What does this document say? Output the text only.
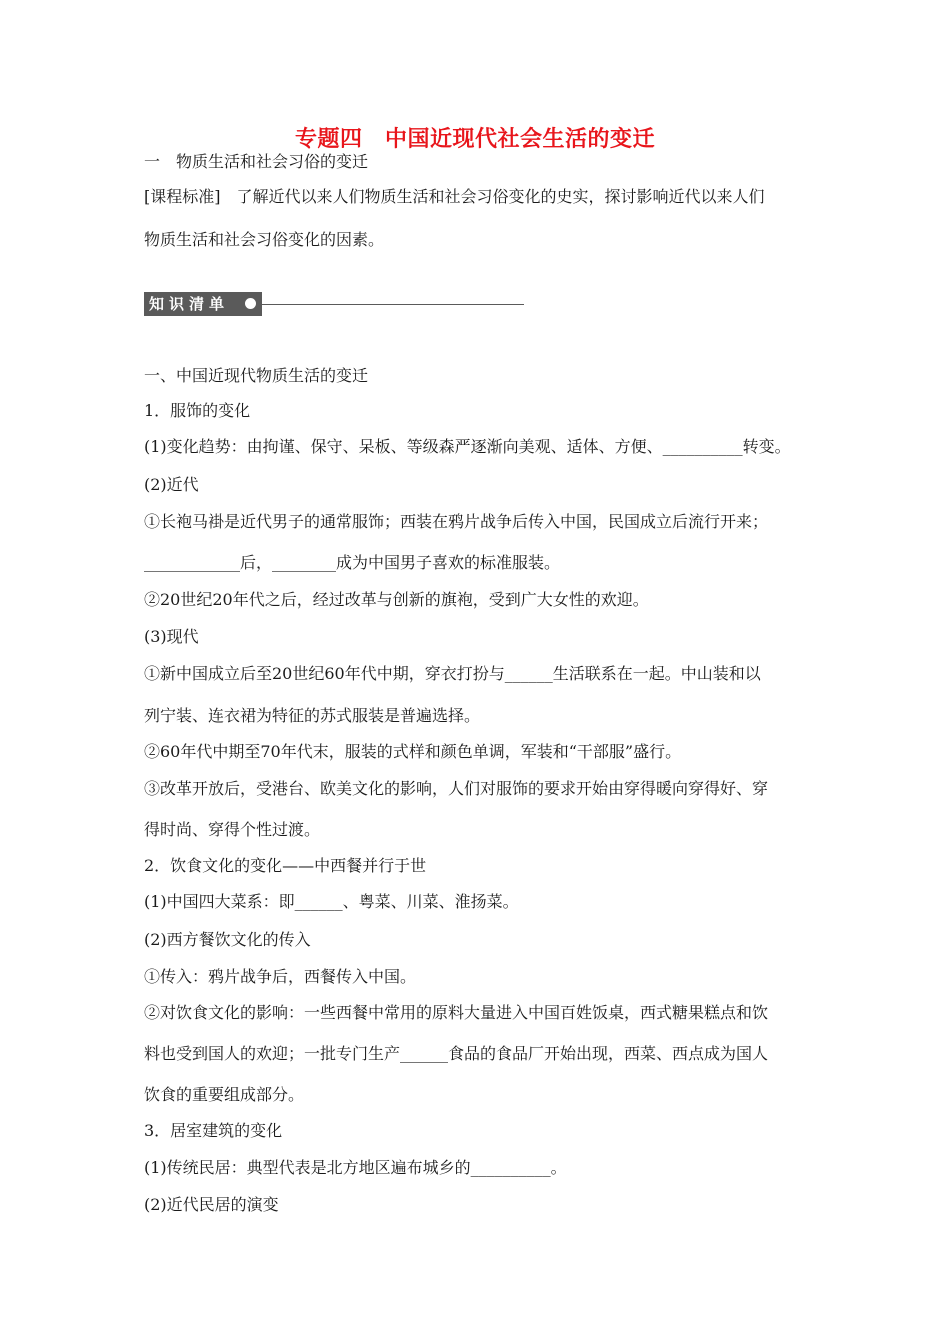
专题四　中国近现代社会生活的变迁
一　物质生活和社会习俗的变迁
[课程标准]　了解近代以来人们物质生活和社会习俗变化的史实，探讨影响近代以来人们
物质生活和社会习俗变化的因素。
知识清单
一、中国近现代物质生活的变迁
1．服饰的变化
(1)变化趋势：由拘谨、保守、呆板、等级森严逐渐向美观、适体、方便、__________转变。
(2)近代
①长袍马褂是近代男子的通常服饰；西装在鸦片战争后传入中国，民国成立后流行开来；
____________后，________成为中国男子喜欢的标准服装。
②20世纪20年代之后，经过改革与创新的旗袍，受到广大女性的欢迎。
(3)现代
①新中国成立后至20世纪60年代中期，穿衣打扮与______生活联系在一起。中山装和以
列宁装、连衣裙为特征的苏式服装是普遍选择。
②60年代中期至70年代末，服装的式样和颜色单调，军装和“干部服”盛行。
③改革开放后，受港台、欧美文化的影响，人们对服饰的要求开始由穿得暖向穿得好、穿
得时尚、穿得个性过渡。
2．饮食文化的变化——中西餐并行于世
(1)中国四大菜系：即______、粤菜、川菜、淮扬菜。
(2)西方餐饮文化的传入
①传入：鸦片战争后，西餐传入中国。
②对饮食文化的影响：一些西餐中常用的原料大量进入中国百姓饭桌，西式糖果糕点和饮
料也受到国人的欢迎；一批专门生产______食品的食品厂开始出现，西菜、西点成为国人
饮食的重要组成部分。
3．居室建筑的变化
(1)传统民居：典型代表是北方地区遍布城乡的__________。
(2)近代民居的演变
